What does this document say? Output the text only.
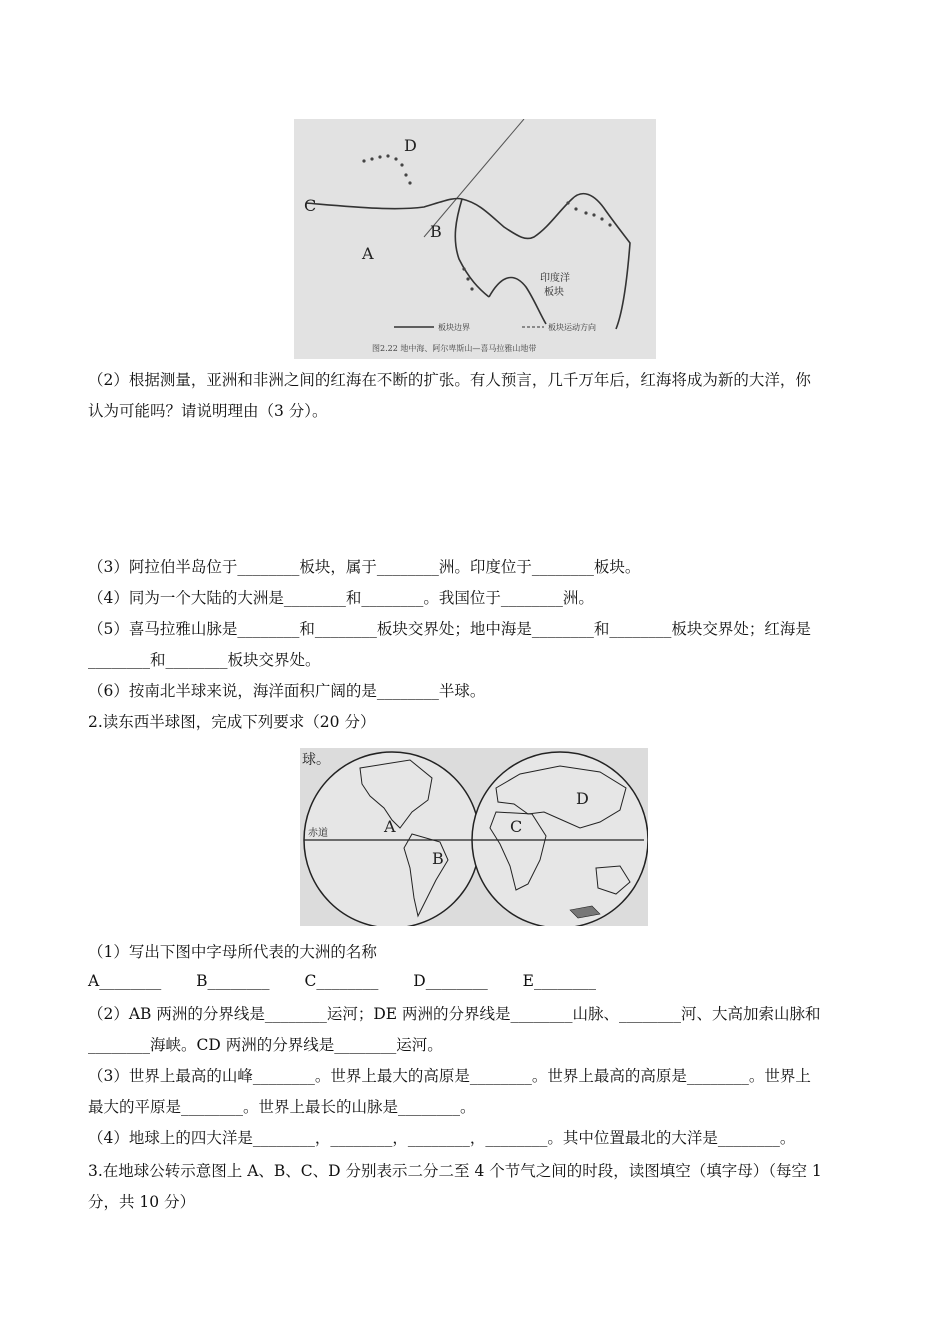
D
C
B
A
印度洋
板块
板块边界	板块运动方向
图2.22 地中海、阿尔卑斯山—喜马拉雅山地带
（2）根据测量，亚洲和非洲之间的红海在不断的扩张。有人预言，几千万年后，红海将成为新的大洋，你
认为可能吗？请说明理由（3 分）。
（3）阿拉伯半岛位于________板块，属于________洲。印度位于________板块。
（4）同为一个大陆的大洲是________和________。我国位于________洲。
（5）喜马拉雅山脉是________和________板块交界处；地中海是________和________板块交界处；红海是
________和________板块交界处。
（6）按南北半球来说，海洋面积广阔的是________半球。
2.读东西半球图，完成下列要求（20 分）
球。
赤道	A
B
C
D
（1）写出下图中字母所代表的大洲的名称
A________ B________ C________ D________ E________
（2）AB 两洲的分界线是________运河；DE 两洲的分界线是________山脉、________河、大高加索山脉和
________海峡。CD 两洲的分界线是________运河。
（3）世界上最高的山峰________。世界上最大的高原是________。世界上最高的高原是________。世界上
最大的平原是________。世界上最长的山脉是________。
（4）地球上的四大洋是________，________，________，________。其中位置最北的大洋是________。
3.在地球公转示意图上 A、B、C、D 分别表示二分二至 4 个节气之间的时段，读图填空（填字母）（每空 1
分，共 10 分）
